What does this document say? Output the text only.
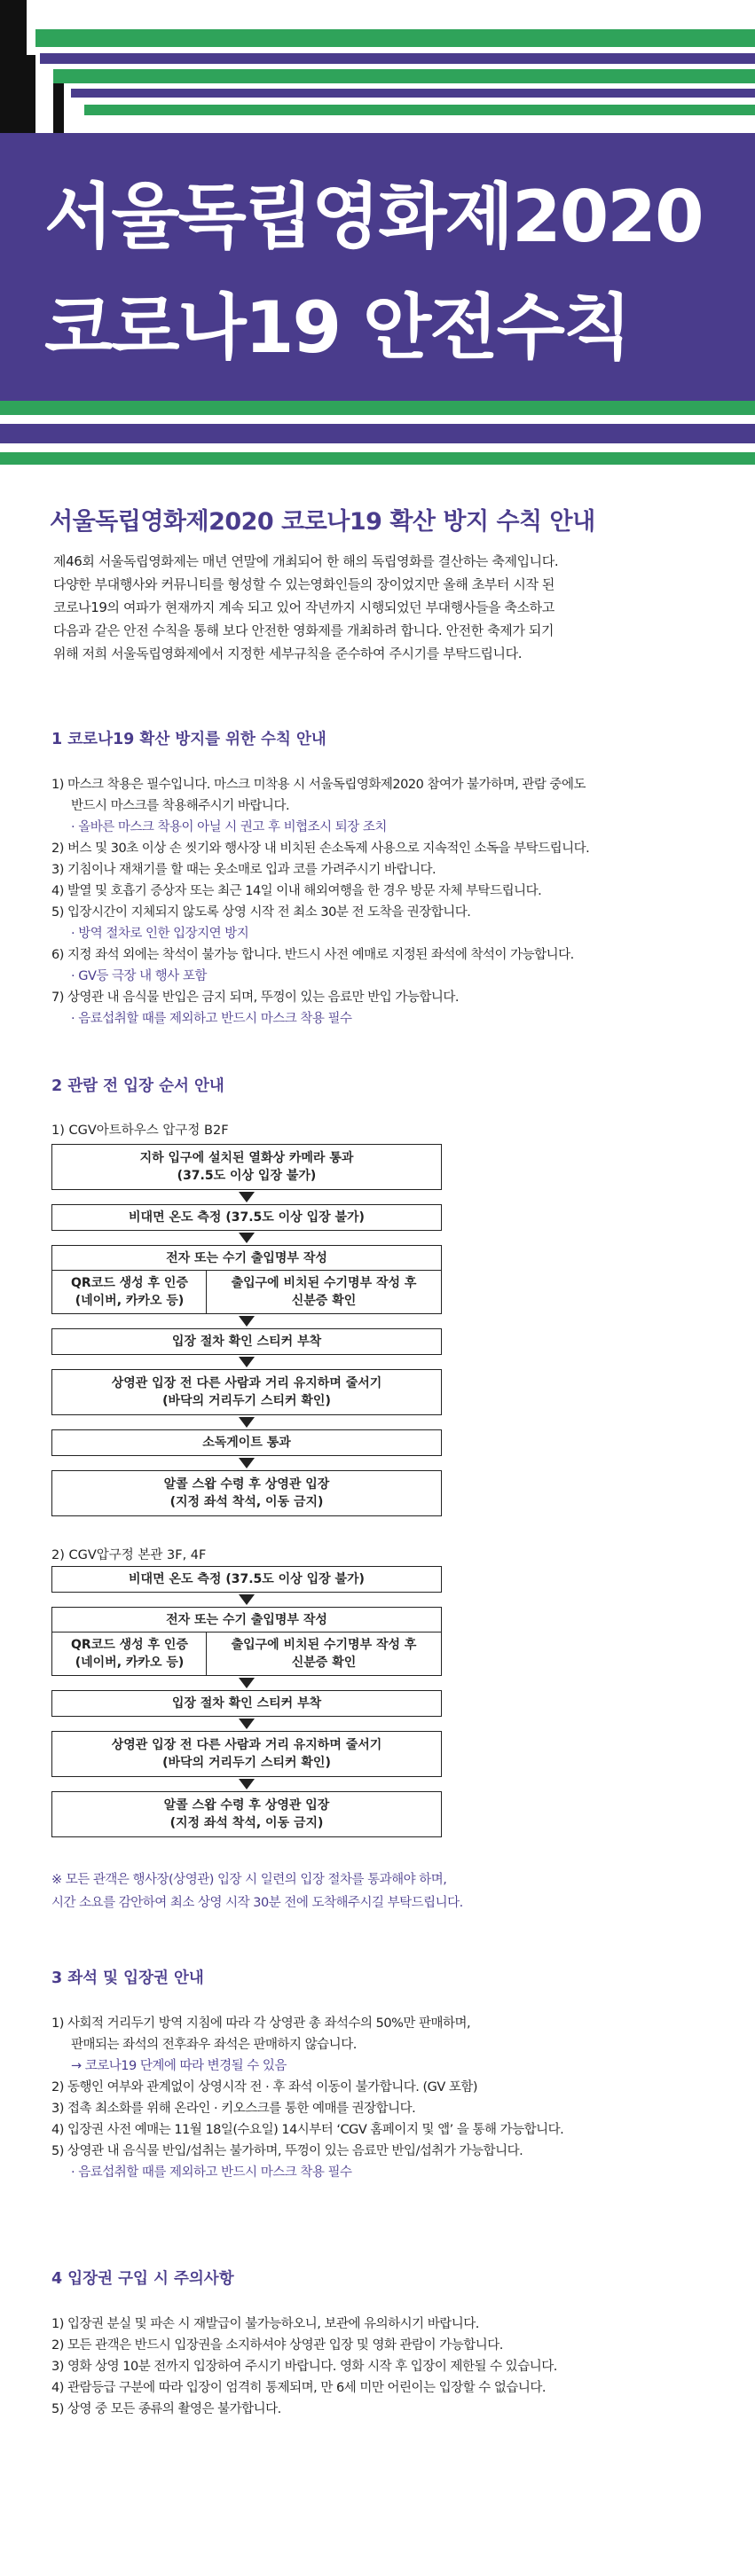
서울독립영화제2020
코로나19 안전수칙
서울독립영화제2020 코로나19 확산 방지 수칙 안내
제46회 서울독립영화제는 매년 연말에 개최되어 한 해의 독립영화를 결산하는 축제입니다.
다양한 부대행사와 커뮤니티를 형성할 수 있는영화인들의 장이었지만 올해 초부터 시작 된
코로나19의 여파가 현재까지 계속 되고 있어 작년까지 시행되었던 부대행사들을 축소하고
다음과 같은 안전 수칙을 통해 보다 안전한 영화제를 개최하려 합니다. 안전한 축제가 되기
위해 저희 서울독립영화제에서 지정한 세부규칙을 준수하여 주시기를 부탁드립니다.
1 코로나19 확산 방지를 위한 수칙 안내
1) 마스크 착용은 필수입니다. 마스크 미착용 시 서울독립영화제2020 참여가 불가하며, 관람 중에도
반드시 마스크를 착용해주시기 바랍니다.
· 올바른 마스크 착용이 아닐 시 권고 후 비협조시 퇴장 조치
2) 버스 및 30초 이상 손 씻기와 행사장 내 비치된 손소독제 사용으로 지속적인 소독을 부탁드립니다.
3) 기침이나 재채기를 할 때는 옷소매로 입과 코를 가려주시기 바랍니다.
4) 발열 및 호흡기 증상자 또는 최근 14일 이내 해외여행을 한 경우 방문 자체 부탁드립니다.
5) 입장시간이 지체되지 않도록 상영 시작 전 최소 30분 전 도착을 권장합니다.
· 방역 절차로 인한 입장지연 방지
6) 지정 좌석 외에는 착석이 불가능 합니다. 반드시 사전 예매로 지정된 좌석에 착석이 가능합니다.
· GV등 극장 내 행사 포함
7) 상영관 내 음식물 반입은 금지 되며, 뚜껑이 있는 음료만 반입 가능합니다.
· 음료섭취할 때를 제외하고 반드시 마스크 착용 필수
2 관람 전 입장 순서 안내
1) CGV아트하우스 압구정 B2F
지하 입구에 설치된 열화상 카메라 통과
(37.5도 이상 입장 불가)
비대면 온도 측정 (37.5도 이상 입장 불가)
전자 또는 수기 출입명부 작성
QR코드 생성 후 인증
(네이버, 카카오 등)
출입구에 비치된 수기명부 작성 후
신분증 확인
입장 절차 확인 스티커 부착
상영관 입장 전 다른 사람과 거리 유지하며 줄서기
(바닥의 거리두기 스티커 확인)
소독게이트 통과
알콜 스왑 수령 후 상영관 입장
(지정 좌석 착석, 이동 금지)
2) CGV압구정 본관 3F, 4F
비대면 온도 측정 (37.5도 이상 입장 불가)
전자 또는 수기 출입명부 작성
QR코드 생성 후 인증
(네이버, 카카오 등)
출입구에 비치된 수기명부 작성 후
신분증 확인
입장 절차 확인 스티커 부착
상영관 입장 전 다른 사람과 거리 유지하며 줄서기
(바닥의 거리두기 스티커 확인)
알콜 스왑 수령 후 상영관 입장
(지정 좌석 착석, 이동 금지)
※ 모든 관객은 행사장(상영관) 입장 시 일련의 입장 절차를 통과해야 하며,
시간 소요를 감안하여 최소 상영 시작 30분 전에 도착해주시길 부탁드립니다.
3 좌석 및 입장권 안내
1) 사회적 거리두기 방역 지침에 따라 각 상영관 총 좌석수의 50%만 판매하며,
판매되는 좌석의 전후좌우 좌석은 판매하지 않습니다.
→ 코로나19 단계에 따라 변경될 수 있음
2) 동행인 여부와 관계없이 상영시작 전 · 후 좌석 이동이 불가합니다. (GV 포함)
3) 접촉 최소화를 위해 온라인 · 키오스크를 통한 예매를 권장합니다.
4) 입장권 사전 예매는 11월 18일(수요일) 14시부터 ‘CGV 홈페이지 및 앱’ 을 통해 가능합니다.
5) 상영관 내 음식물 반입/섭취는 불가하며, 뚜껑이 있는 음료만 반입/섭취가 가능합니다.
· 음료섭취할 때를 제외하고 반드시 마스크 착용 필수
4 입장권 구입 시 주의사항
1) 입장권 분실 및 파손 시 재발급이 불가능하오니, 보관에 유의하시기 바랍니다.
2) 모든 관객은 반드시 입장권을 소지하셔야 상영관 입장 및 영화 관람이 가능합니다.
3) 영화 상영 10분 전까지 입장하여 주시기 바랍니다. 영화 시작 후 입장이 제한될 수 있습니다.
4) 관람등급 구분에 따라 입장이 엄격히 통제되며, 만 6세 미만 어린이는 입장할 수 없습니다.
5) 상영 중 모든 종류의 촬영은 불가합니다.
